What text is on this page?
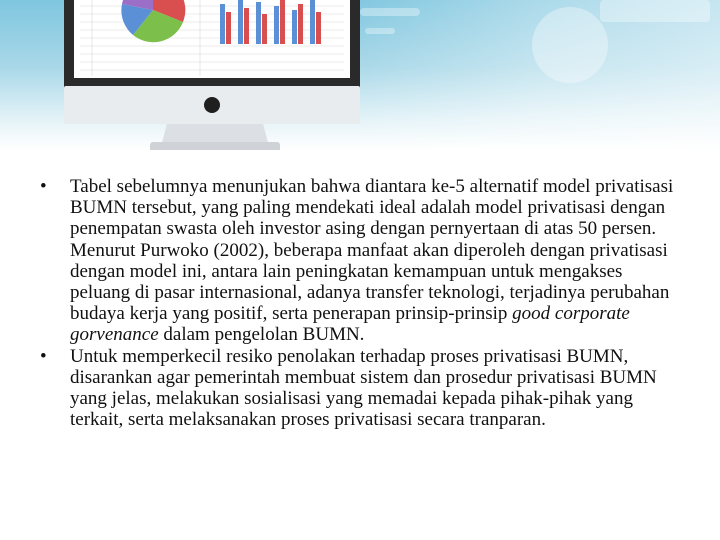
•	Tabel sebelumnya menunjukan bahwa diantara ke-5 alternatif model privatisasi BUMN tersebut, yang paling mendekati ideal adalah model privatisasi dengan penempatan swasta oleh investor asing dengan pernyertaan di atas 50 persen. Menurut Purwoko (2002), beberapa manfaat akan diperoleh dengan privatisasi dengan model ini, antara lain peningkatan kemampuan untuk mengakses peluang di pasar internasional, adanya transfer teknologi, terjadinya perubahan budaya kerja yang positif, serta penerapan prinsip-prinsip good corporate gorvenance dalam pengelolan BUMN.

•	Untuk memperkecil resiko penolakan terhadap proses privatisasi BUMN, disarankan agar pemerintah membuat sistem dan prosedur privatisasi BUMN yang jelas, melakukan sosialisasi yang memadai kepada pihak-pihak yang terkait, serta melaksanakan proses privatisasi secara tranparan.
